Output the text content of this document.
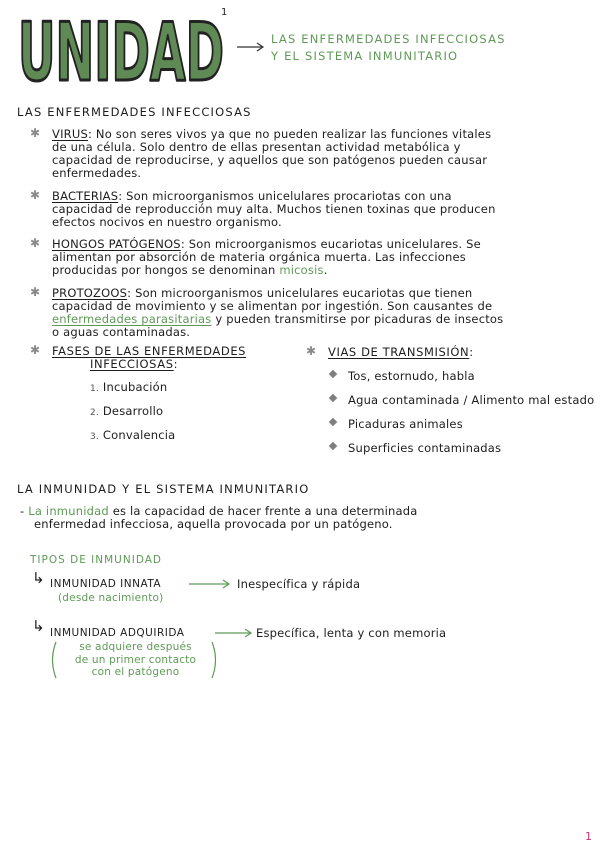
UNIDAD
1
LAS ENFERMEDADES INFECCIOSAS
Y EL SISTEMA INMUNITARIO
LAS ENFERMEDADES INFECCIOSAS
✱ VIRUS: No son seres vivos ya que no pueden realizar las funciones vitales
de una célula. Solo dentro de ellas presentan actividad metabólica y
capacidad de reproducirse, y aquellos que son patógenos pueden causar
enfermedades.
✱ BACTERIAS: Son microorganismos unicelulares procariotas con una
capacidad de reproducción muy alta. Muchos tienen toxinas que producen
efectos nocivos en nuestro organismo.
✱ HONGOS PATÓGENOS: Son microorganismos eucariotas unicelulares. Se
alimentan por absorción de materia orgánica muerta. Las infecciones
producidas por hongos se denominan micosis.
✱ PROTOZOOS: Son microorganismos unicelulares eucariotas que tienen
capacidad de movimiento y se alimentan por ingestión. Son causantes de
enfermedades parasitarias y pueden transmitirse por picaduras de insectos
o aguas contaminadas.
✱ FASES DE LAS ENFERMEDADES
INFECCIOSAS:
1. Incubación
2. Desarrollo
3. Convalencia
✱ VIAS DE TRANSMISIÓN:
Tos, estornudo, habla
Agua contaminada / Alimento mal estado
Picaduras animales
Superficies contaminadas
LA INMUNIDAD Y EL SISTEMA INMUNITARIO
- La inmunidad es la capacidad de hacer frente a una determinada
enfermedad infecciosa, aquella provocada por un patógeno.
TIPOS DE INMUNIDAD
↳ INMUNIDAD INNATA	Inespecífica y rápida
(desde nacimiento)
↳ INMUNIDAD ADQUIRIDA	Específica, lenta y con memoria
se adquiere después
de un primer contacto
con el patógeno
1
